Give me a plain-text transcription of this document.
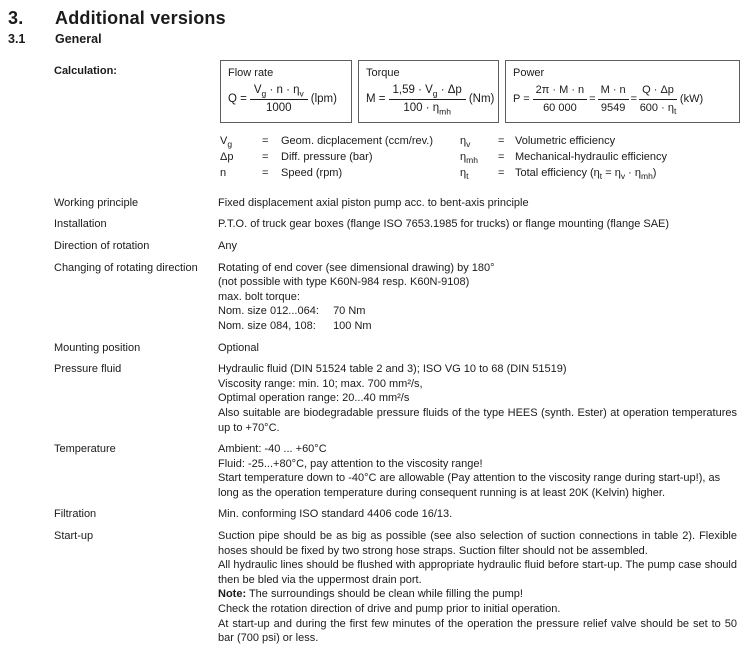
3.	Additional versions
3.1	General
Calculation:	Flow rate
$Q = \frac{V_g \cdot n \cdot \eta_v}{1000} (lpm)$
Torque
$M = \frac{1,59 \cdot V_g \cdot \Delta p}{100 \cdot \eta_{mh}} (Nm)$
Power
$P = \frac{2\pi \cdot M \cdot n}{60 000} = \frac{M \cdot n}{9549} = \frac{Q \cdot \Delta p}{600 \cdot \eta_t} (kW)$
$V_g$	=	Geom. dicplacement (ccm/rev.)
Δp	=	Diff. pressure (bar)
n	=	Speed (rpm)
$\eta_v$	= Volumetric efficiency
$\eta_{mh}$	= Mechanical-hydraulic efficiency
$\eta_t$	= Total efficiency $(\eta_t = \eta_v \cdot \eta_{mh})$
Working principle	Fixed displacement axial piston pump acc. to bent-axis principle
Installation	P.T.O. of truck gear boxes (flange ISO 7653.1985 for trucks) or flange mounting (flange SAE)
Direction of rotation	Any
Changing of rotating direction	Rotating of end cover (see dimensional drawing) by 180°
(not possible with type K60N-984 resp. K60N-9108)
max. bolt torque:
Nom. size 012...064: 70 Nm
Nom. size 084, 108: 100 Nm
Mounting position	Optional
Pressure fluid	Hydraulic fluid (DIN 51524 table 2 and 3); ISO VG 10 to 68 (DIN 51519)
Viscosity range: min. 10; max. 700 mm²/s,
Optimal operation range: 20...40 mm²/s
Also suitable are biodegradable pressure fluids of the type HEES (synth. Ester) at operation temperatures up to +70°C.
Temperature	Ambient: -40 ... +60°C
Fluid: -25...+80°C, pay attention to the viscosity range!
Start temperature down to -40°C are allowable (Pay attention to the viscosity range during start-up!), as long as the operation temperature during consequent running is at least 20K (Kelvin) higher.
Filtration	Min. conforming ISO standard 4406 code 16/13.
Start-up	Suction pipe should be as big as possible (see also selection of suction connections in table 2). Flexible hoses should be fixed by two strong hose straps. Suction filter should not be assembled.
All hydraulic lines should be flushed with appropriate hydraulic fluid before start-up. The pump case should then be bled via the uppermost drain port.
Note: The surroundings should be clean while filling the pump!
Check the rotation direction of drive and pump prior to initial operation.
At start-up and during the first few minutes of the operation the pressure relief valve should be set to 50 bar (700 psi) or less.
